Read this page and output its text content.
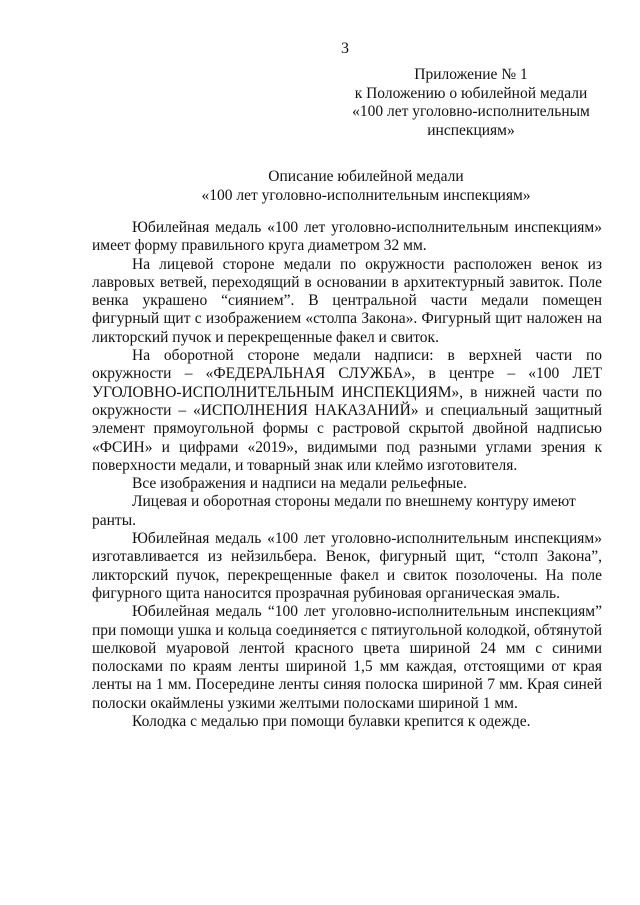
3
Приложение № 1
к Положению о юбилейной медали
«100 лет уголовно-исполнительным
инспекциям»
Описание юбилейной медали
«100 лет уголовно-исполнительным инспекциям»

Юбилейная медаль «100 лет уголовно-исполнительным инспекциям» имеет форму правильного круга диаметром 32 мм.

На лицевой стороне медали по окружности расположен венок из лавровых ветвей, переходящий в основании в архитектурный завиток. Поле венка украшено “сиянием”. В центральной части медали помещен фигурный щит с изображением «столпа Закона». Фигурный щит наложен на ликторский пучок и перекрещенные факел и свиток.

На оборотной стороне медали надписи: в верхней части по окружности – «ФЕДЕРАЛЬНАЯ СЛУЖБА», в центре – «100 ЛЕТ УГОЛОВНО-ИСПОЛНИТЕЛЬНЫМ ИНСПЕКЦИЯМ», в нижней части по окружности – «ИСПОЛНЕНИЯ НАКАЗАНИЙ» и специальный защитный элемент прямоугольной формы с растровой скрытой двойной надписью «ФСИН» и цифрами «2019», видимыми под разными углами зрения к поверхности медали, и товарный знак или клеймо изготовителя.

Все изображения и надписи на медали рельефные.

Лицевая и оборотная стороны медали по внешнему контуру имеют ранты.

Юбилейная медаль «100 лет уголовно-исполнительным инспекциям» изготавливается из нейзильбера. Венок, фигурный щит, “столп Закона”, ликторский пучок, перекрещенные факел и свиток позолочены. На поле фигурного щита наносится прозрачная рубиновая органическая эмаль.

Юбилейная медаль “100 лет уголовно-исполнительным инспекциям” при помощи ушка и кольца соединяется с пятиугольной колодкой, обтянутой шелковой муаровой лентой красного цвета шириной 24 мм с синими полосками по краям ленты шириной 1,5 мм каждая, отстоящими от края ленты на 1 мм. Посередине ленты синяя полоска шириной 7 мм. Края синей полоски окаймлены узкими желтыми полосками шириной 1 мм.

Колодка с медалью при помощи булавки крепится к одежде.
